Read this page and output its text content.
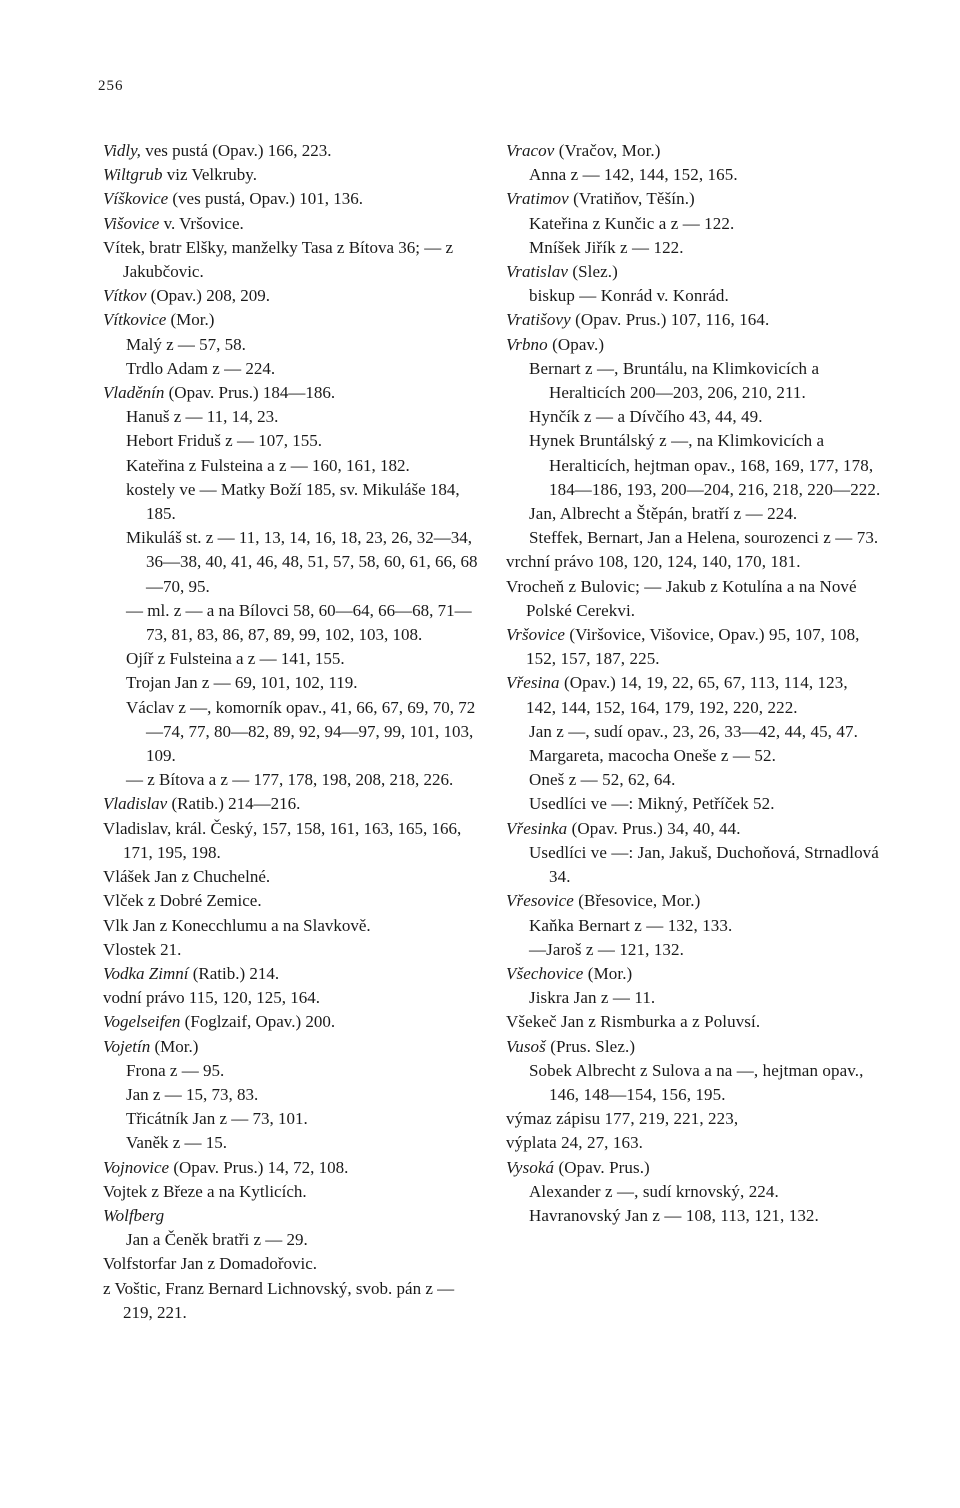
256

Vidly, ves pustá (Opav.) 166, 223.

Wiltgrub viz Velkruby.

Víškovice (ves pustá, Opav.) 101, 136.

Višovice v. Vršovice.

Vítek, bratr Elšky, manželky Tasa z Bítova 36; — z Jakubčovic.

Vítkov (Opav.) 208, 209.

Vítkovice (Mor.)

Malý z — 57, 58.

Trdlo Adam z — 224.

Vladěnín (Opav. Prus.) 184—186.

Hanuš z — 11, 14, 23.

Hebort Friduš z — 107, 155.

Kateřina z Fulsteina a z — 160, 161, 182.

kostely ve — Matky Boží 185, sv. Mikuláše 184, 185.

Mikuláš st. z — 11, 13, 14, 16, 18, 23, 26, 32—34, 36—38, 40, 41, 46, 48, 51, 57, 58, 60, 61, 66, 68—70, 95.

— ml. z — a na Bílovci 58, 60—64, 66—68, 71—73, 81, 83, 86, 87, 89, 99, 102, 103, 108.

Ojíř z Fulsteina a z — 141, 155.

Trojan Jan z — 69, 101, 102, 119.

Václav z —, komorník opav., 41, 66, 67, 69, 70, 72—74, 77, 80—82, 89, 92, 94—97, 99, 101, 103, 109.

— z Bítova a z — 177, 178, 198, 208, 218, 226.

Vladislav (Ratib.) 214—216.

Vladislav, král. Český, 157, 158, 161, 163, 165, 166, 171, 195, 198.

Vlášek Jan z Chuchelné.

Vlček z Dobré Zemice.

Vlk Jan z Konecchlumu a na Slavkově.

Vlostek 21.

Vodka Zimní (Ratib.) 214.

vodní právo 115, 120, 125, 164.

Vogelseifen (Foglzaif, Opav.) 200.

Vojetín (Mor.)

Frona z — 95.

Jan z — 15, 73, 83.

Třicátník Jan z — 73, 101.

Vaněk z — 15.

Vojnovice (Opav. Prus.) 14, 72, 108.

Vojtek z Březe a na Kytlicích.

Wolfberg

Jan a Čeněk bratři z — 29.

Volfstorfar Jan z Domadořovic.

z Voštic, Franz Bernard Lichnovský, svob. pán z — 219, 221.

Vracov (Vračov, Mor.)

Anna z — 142, 144, 152, 165.

Vratimov (Vratiňov, Těšín.)

Kateřina z Kunčic a z — 122.

Mníšek Jiřík z — 122.

Vratislav (Slez.)

biskup — Konrád v. Konrád.

Vratišovy (Opav. Prus.) 107, 116, 164.

Vrbno (Opav.)

Bernart z —, Bruntálu, na Klimkovicích a Heralticích 200—203, 206, 210, 211.

Hynčík z — a Dívčího 43, 44, 49.

Hynek Bruntálský z —, na Klimkovicích a Heralticích, hejtman opav., 168, 169, 177, 178, 184—186, 193, 200—204, 216, 218, 220—222.

Jan, Albrecht a Štěpán, bratří z — 224.

Steffek, Bernart, Jan a Helena, sourozenci z — 73.

vrchní právo 108, 120, 124, 140, 170, 181.

Vrocheň z Bulovic; — Jakub z Kotulína a na Nové Polské Cerekvi.

Vršovice (Viršovice, Višovice, Opav.) 95, 107, 108, 152, 157, 187, 225.

Vřesina (Opav.) 14, 19, 22, 65, 67, 113, 114, 123, 142, 144, 152, 164, 179, 192, 220, 222.

Jan z —, sudí opav., 23, 26, 33—42, 44, 45, 47.

Margareta, macocha Oneše z — 52.

Oneš z — 52, 62, 64.

Usedlíci ve —: Mikný, Petříček 52.

Vřesinka (Opav. Prus.) 34, 40, 44.

Usedlíci ve —: Jan, Jakuš, Duchoňová, Strnadlová 34.

Vřesovice (Břesovice, Mor.)

Kaňka Bernart z — 132, 133.

—Jaroš z — 121, 132.

Všechovice (Mor.)

Jiskra Jan z — 11.

Všekeč Jan z Rismburka a z Poluvsí.

Vusoš (Prus. Slez.)

Sobek Albrecht z Sulova a na —, hejtman opav., 146, 148—154, 156, 195.

výmaz zápisu 177, 219, 221, 223,

výplata 24, 27, 163.

Vysoká (Opav. Prus.)

Alexander z —, sudí krnovský, 224.

Havranovský Jan z — 108, 113, 121, 132.
